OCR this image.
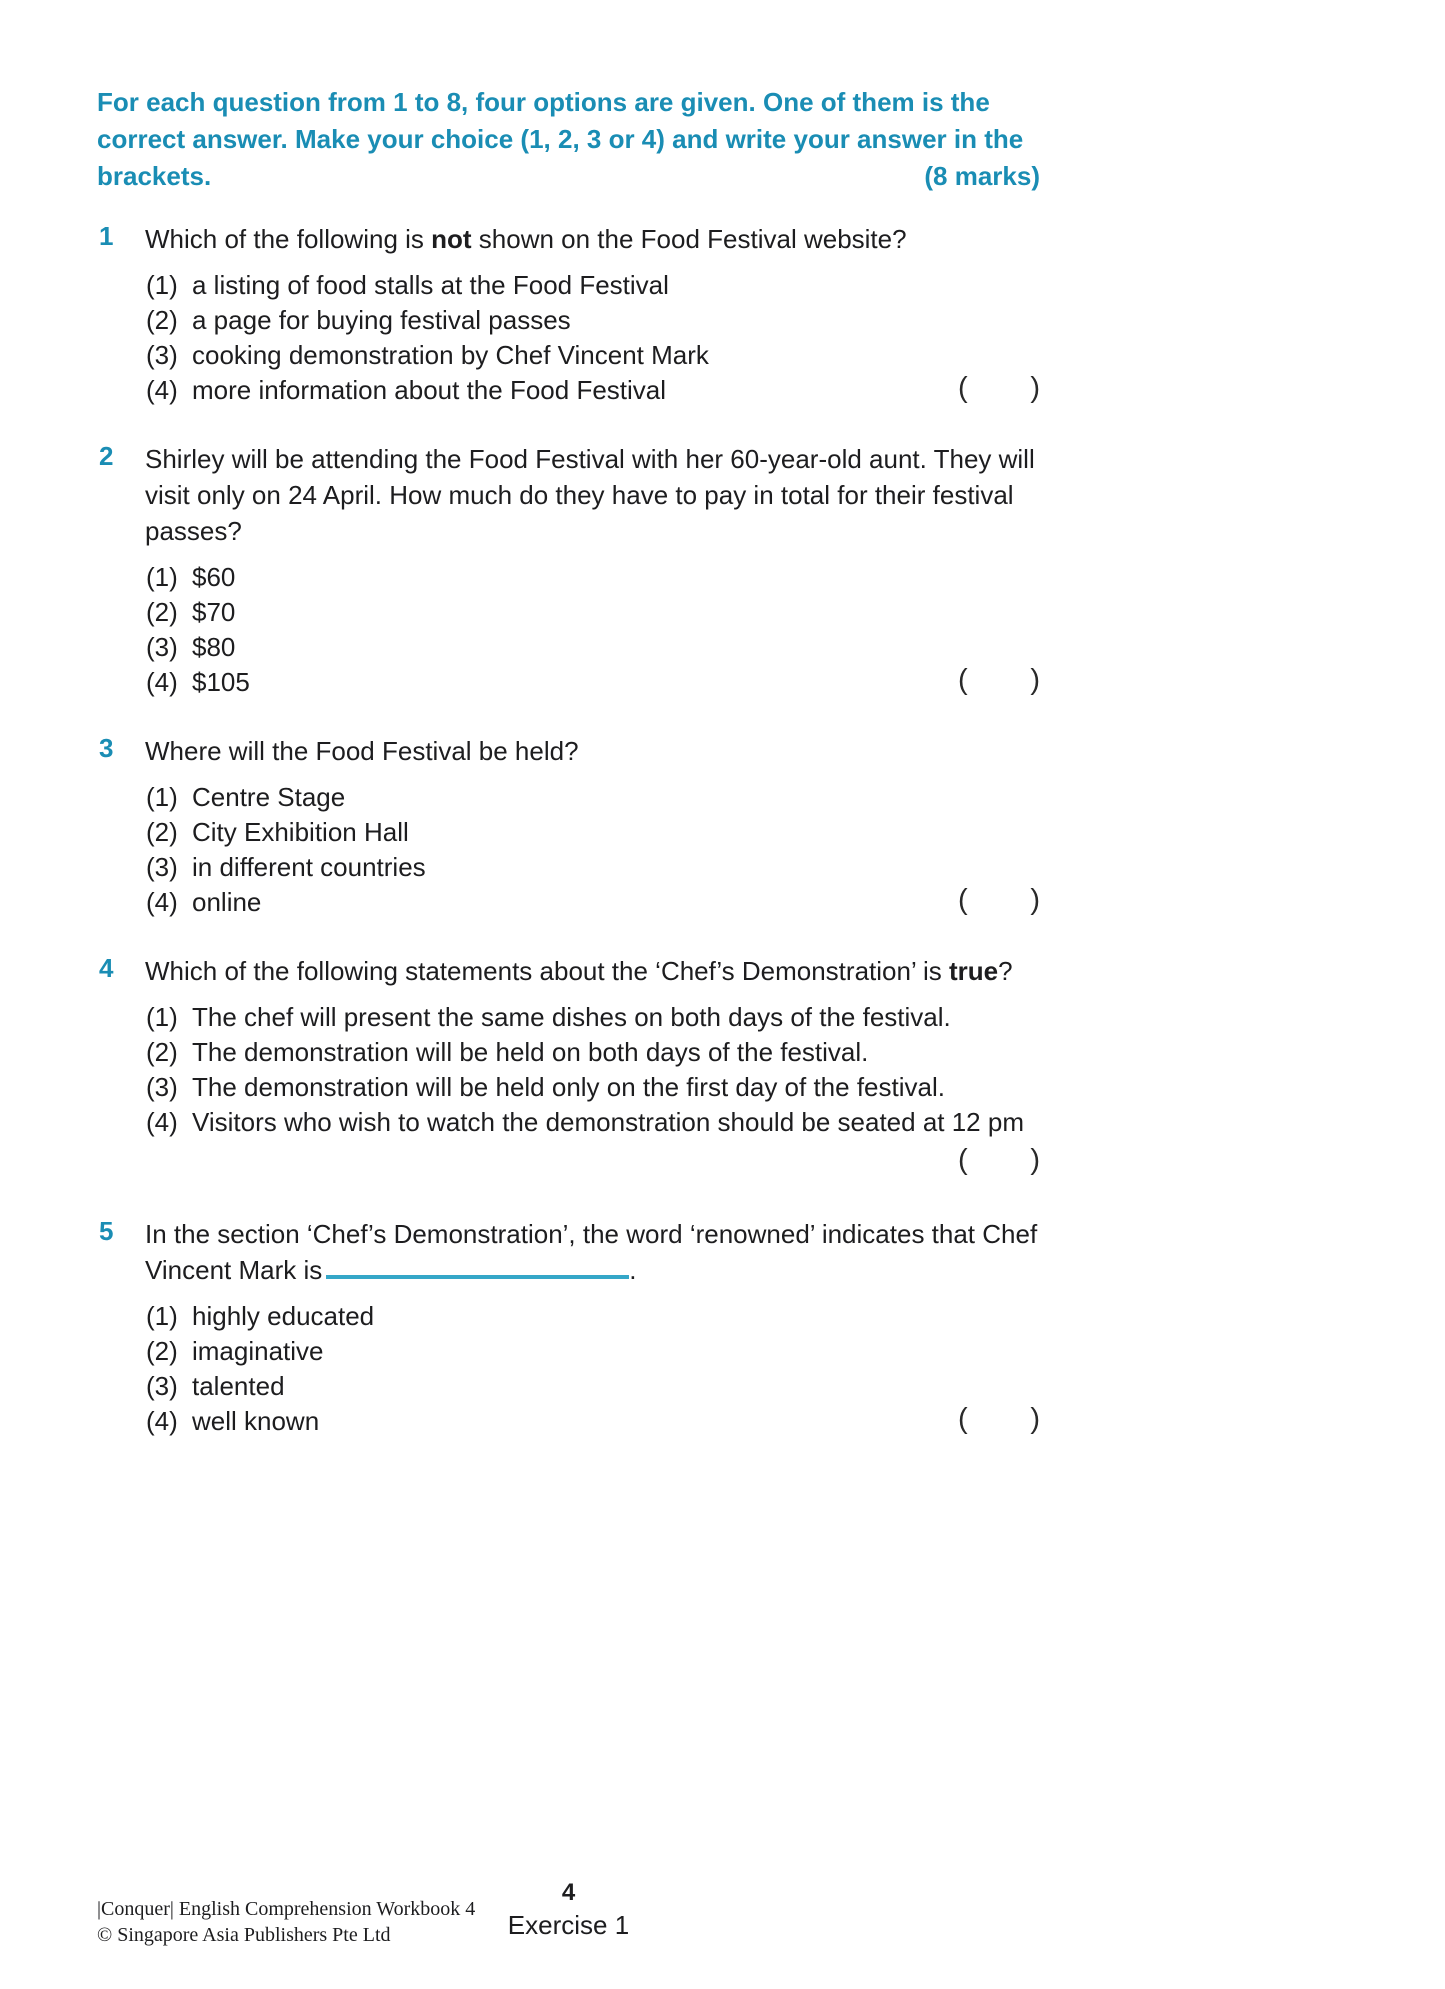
For each question from 1 to 8, four options are given. One of them is the
correct answer. Make your choice (1, 2, 3 or 4) and write your answer in the
brackets.	(8 marks)
1 Which of the following is not shown on the Food Festival website?
(1) a listing of food stalls at the Food Festival
(2) a page for buying festival passes
(3) cooking demonstration by Chef Vincent Mark
(4) more information about the Food Festival	( )
2 Shirley will be attending the Food Festival with her 60-year-old aunt. They will
visit only on 24 April. How much do they have to pay in total for their festival
passes?
(1) $60
(2) $70
(3) $80
(4) $105	( )
3 Where will the Food Festival be held?
(1) Centre Stage
(2) City Exhibition Hall
(3) in different countries
(4) online	( )
4 Which of the following statements about the ‘Chef’s Demonstration’ is true?
(1) The chef will present the same dishes on both days of the festival.
(2) The demonstration will be held on both days of the festival.
(3) The demonstration will be held only on the first day of the festival.
(4) Visitors who wish to watch the demonstration should be seated at 12 pm
( )
5 In the section ‘Chef’s Demonstration’, the word ‘renowned’ indicates that Chef
Vincent Mark is	.
(1) highly educated
(2) imaginative
(3) talented
(4) well known	( )
|Conquer| English Comprehension Workbook 4
© Singapore Asia Publishers Pte Ltd
4
Exercise 1
